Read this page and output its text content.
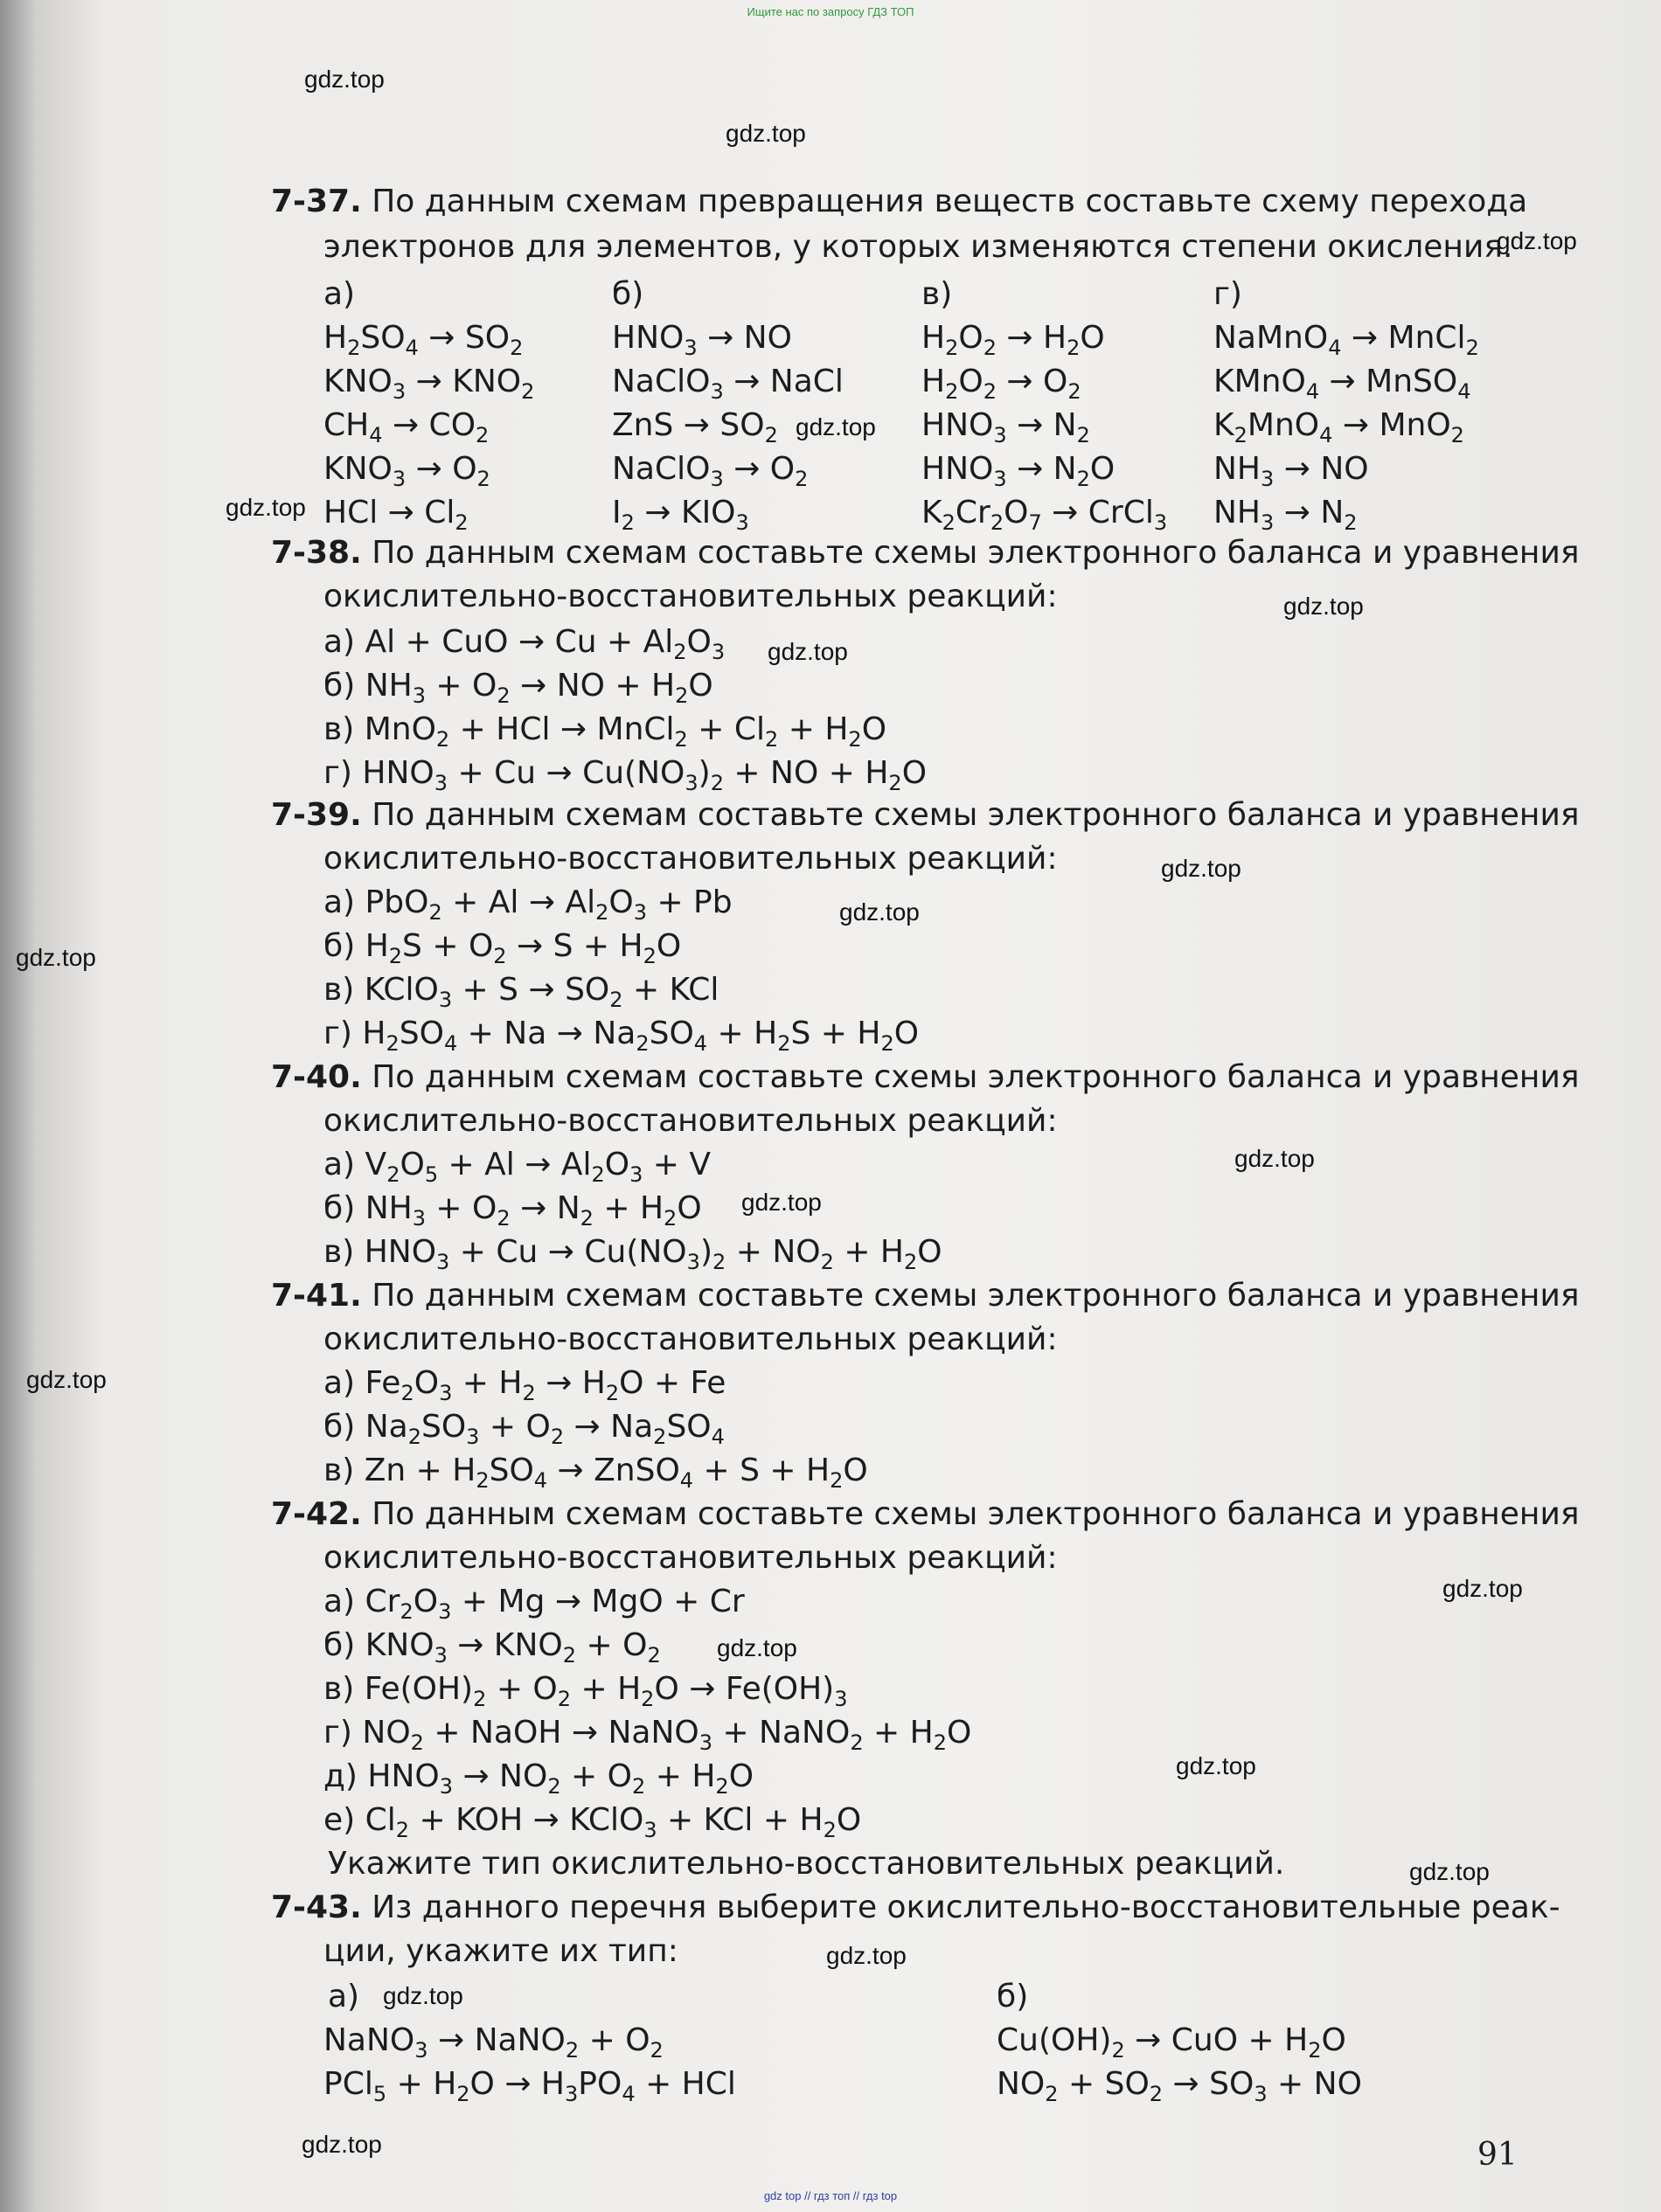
Ищите нас по запросу ГДЗ ТОП
gdz.top
gdz.top
gdz.top
gdz.top
gdz.top
gdz.top
gdz.top
gdz.top
gdz.top
gdz.top
gdz.top
gdz.top
gdz.top
gdz.top
gdz.top
gdz.top
gdz.top
gdz.top
gdz.top
gdz.top
7-37. По данным схемам превращения веществ составьте схему перехода
электронов для элементов, у которых изменяются степени окисления.
а)
$H_2SO_4 \to SO_2$
$KNO_3 \to KNO_2$
$CH_4 \to CO_2$
$KNO_3 \to O_2$
HCl → $Cl_2$
б)
$HNO_3$ → NO
NaClO$_3$ → NaCl
ZnS → $SO_2$
NaClO$_3$ → $O_2$
$I_2 \to KIO_3$
в)
$H_2O_2 \to H_2O$
$H_2O_2 \to O_2$
$HNO_3 \to N_2$
$HNO_3 \to N_2O$
$K_2Cr_2O_7$ → CrCl$_3$
г)
NaMnO$_4$ → MnCl$_2$
KMnO$_4$ → MnSO$_4$
$K_2MnO_4 \to MnO_2$
$NH_3$ → NO
$NH_3 \to N_2$
7-38. По данным схемам составьте схемы электронного баланса и уравнения
окислительно-восстановительных реакций:
а) Al + CuO → $Cu + Al_2O_3$
б) $NH_3 + O_2$ → NO + $H_2O$
в) MnO$_2$ + HCl → MnCl$_2$ + $Cl_2 + H_2O$
г) $HNO_3 + Cu \to Cu(NO_3)_2$ + NO + $H_2O$
7-39. По данным схемам составьте схемы электронного баланса и уравнения
окислительно-восстановительных реакций:
а) $PbO_2 + Al \to Al_2O_3 + Pb$
б) $H_2S + O_2 \to S + H_2O$
в) KClO$_3$ + $S \to SO_2$ + KCl
г) $H_2SO_4 + Na \to Na_2SO_4 + H_2S + H_2O$
7-40. По данным схемам составьте схемы электронного баланса и уравнения
окислительно-восстановительных реакций:
а) $V_2O_5 + Al \to Al_2O_3 + V$
б) $NH_3 + O_2 \to N_2 + H_2O$
в) $HNO_3 + Cu \to Cu(NO_3)_2 + NO_2 + H_2O$
7-41. По данным схемам составьте схемы электронного баланса и уравнения
окислительно-восстановительных реакций:
а) $Fe_2O_3 + H_2 \to H_2O + Fe$
б) $Na_2SO_3 + O_2 \to Na_2SO_4$
в) $Zn + H_2SO_4$ → ZnSO$_4$ + $S + H_2O$
7-42. По данным схемам составьте схемы электронного баланса и уравнения
окислительно-восстановительных реакций:
а) $Cr_2O_3 + Mg$ → MgO + Cr
б) $KNO_3 \to KNO_2 + O_2$
в) $Fe(OH)_2 + O_2 + H_2O \to Fe(OH)_3$
г) $NO_2$ + NaOH → NaNO$_3$ + NaNO$_2$ + $H_2O$
д) $HNO_3 \to NO_2 + O_2 + H_2O$
е) $Cl_2$ + KOH → KClO$_3$ + KCl + $H_2O$
Укажите тип окислительно-восстановительных реакций.
7-43. Из данного перечня выберите окислительно-восстановительные реак-
ции, укажите их тип:
а)	б)
NaNO$_3$ → NaNO$_2$ + $O_2$
$PCl_5 + H_2O \to H_3PO_4$ + HCl
$Cu(OH)_2$ → CuO + $H_2O$
$NO_2 + SO_2 \to SO_3$ + NO
91
gdz top // гдз топ // гдз top
